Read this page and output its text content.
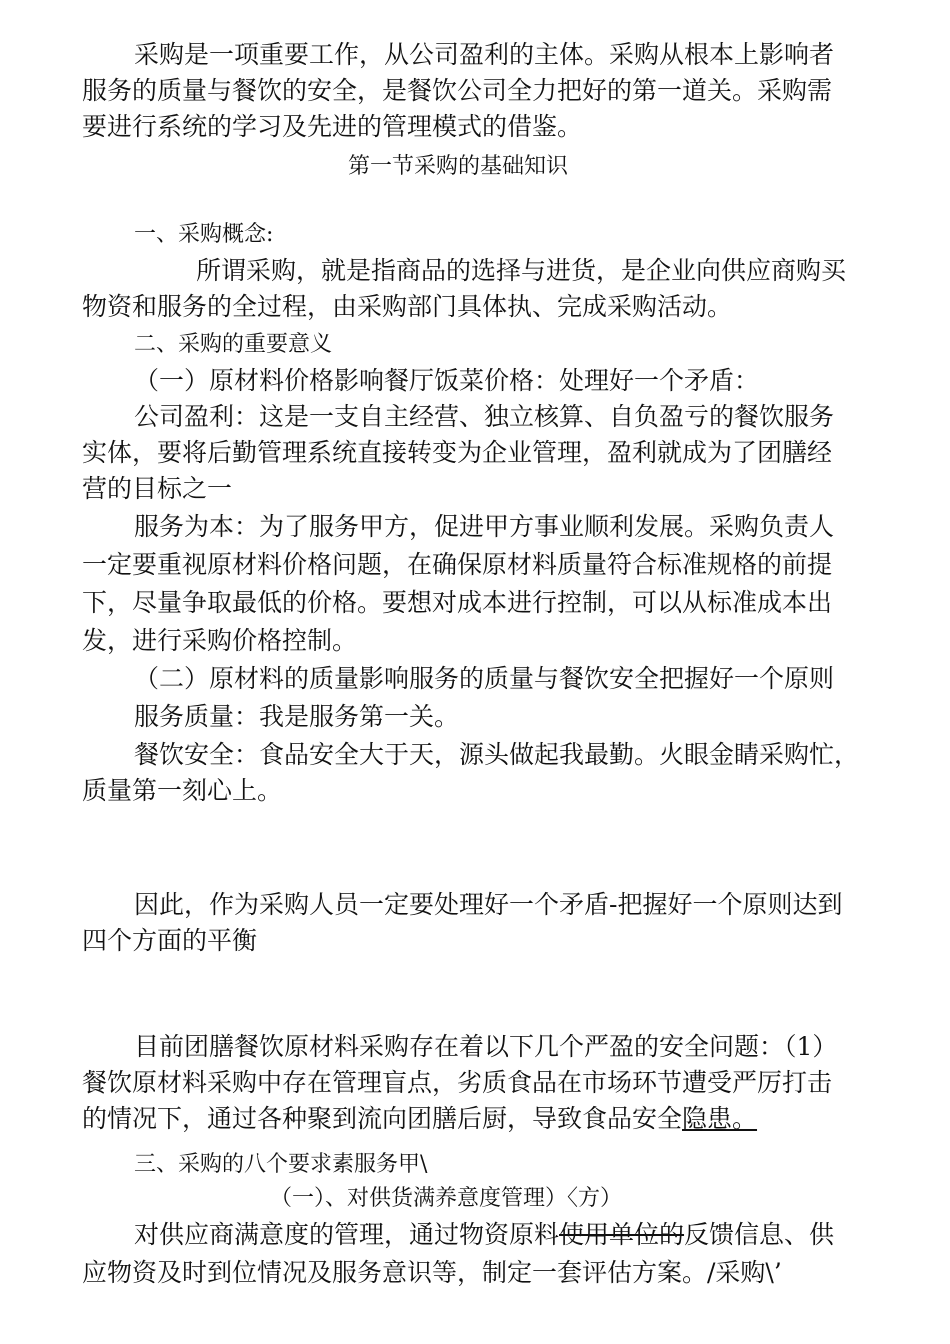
采购是一项重要工作，从公司盈利的主体。采购从根本上影响者
服务的质量与餐饮的安全，是餐饮公司全力把好的第一道关。采购需
要进行系统的学习及先进的管理模式的借鉴。
第一节采购的基础知识
一、采购概念:
所谓采购，就是指商品的选择与进货，是企业向供应商购买
物资和服务的全过程，由采购部门具体执、完成采购活动。
二、采购的重要意义
（一）原材料价格影响餐厅饭菜价格：处理好一个矛盾：
公司盈利：这是一支自主经营、独立核算、自负盈亏的餐饮服务
实体，要将后勤管理系统直接转变为企业管理，盈利就成为了团膳经
营的目标之一
服务为本：为了服务甲方，促进甲方事业顺利发展。采购负责人
一定要重视原材料价格问题，在确保原材料质量符合标准规格的前提
下，尽量争取最低的价格。要想对成本进行控制，可以从标准成本出
发，进行采购价格控制。
（二）原材料的质量影响服务的质量与餐饮安全把握好一个原则
服务质量：我是服务第一关。
餐饮安全：食品安全大于天，源头做起我最勤。火眼金睛采购忙，
质量第一刻心上。
因此，作为采购人员一定要处理好一个矛盾-把握好一个原则达到
四个方面的平衡
目前团膳餐饮原材料采购存在着以下几个严盈的安全问题：（1）
餐饮原材料采购中存在管理盲点，劣质食品在市场环节遭受严厉打击
的情况下，通过各种聚到流向团膳后厨，导致食品安全隐患。
三、采购的八个要求素服务甲\
（一）、对供货满养意度管理）〈方）
对供应商满意度的管理，通过物资原料使用单位的反馈信息、供
应物资及时到位情况及服务意识等，制定一套评估方案。/采购\’
